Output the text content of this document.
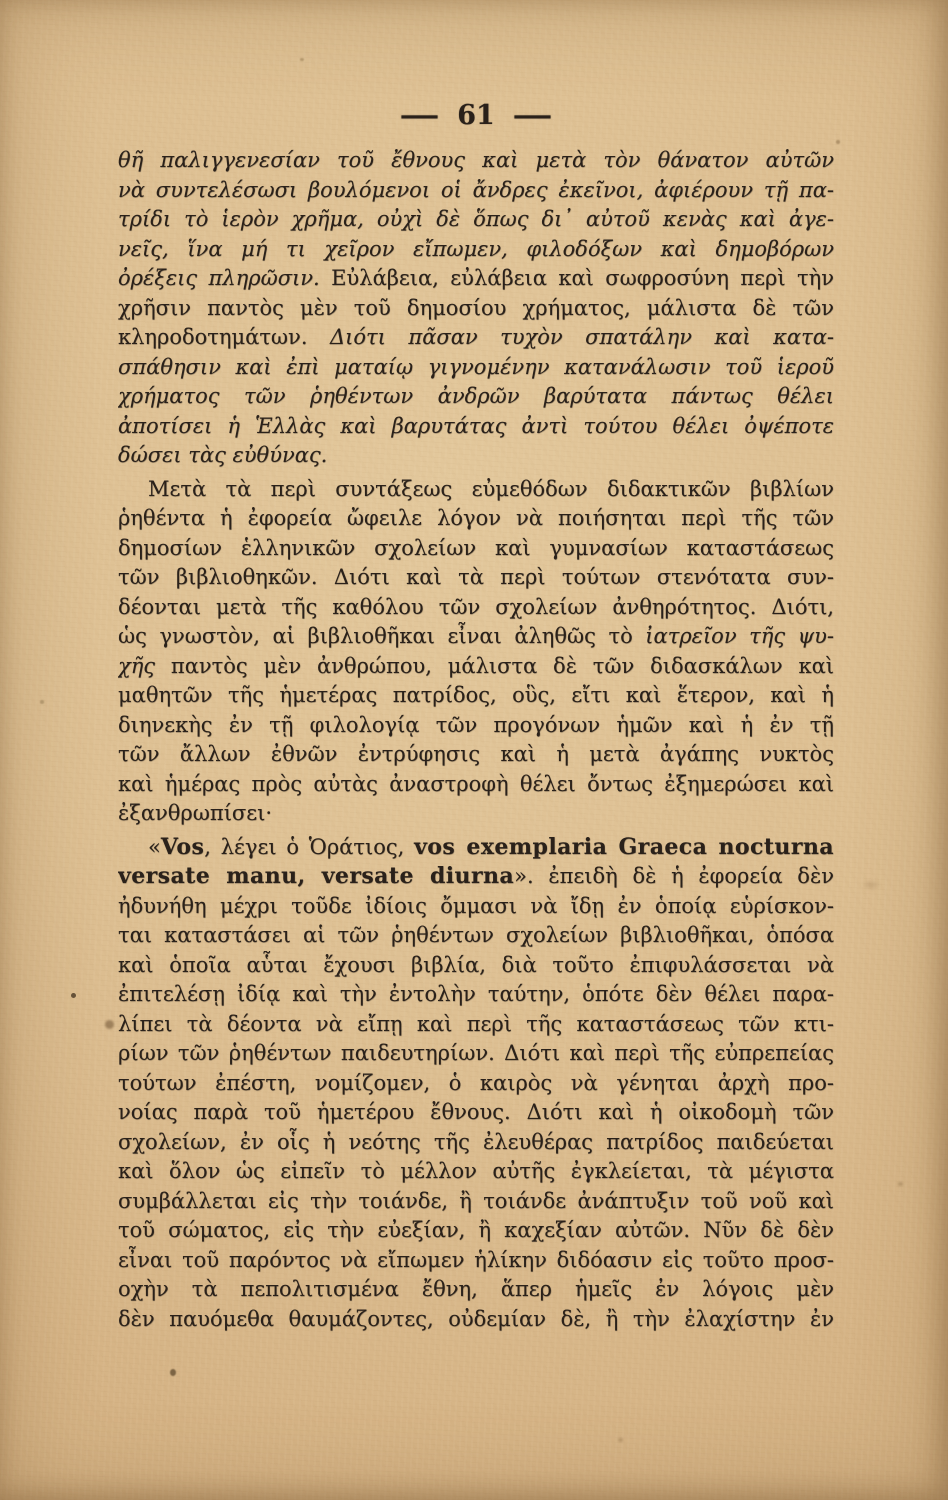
— 61 —
θῆ παλιγγενεσίαν τοῦ ἔθνους καὶ μετὰ τὸν θάνατον αὐτῶν
νὰ συντελέσωσι βουλόμενοι οἱ ἄνδρες ἐκεῖνοι, ἀφιέρουν τῇ πα-
τρίδι τὸ ἱερὸν χρῆμα, οὐχὶ δὲ ὅπως δι᾽ αὐτοῦ κενὰς καὶ ἀγε-
νεῖς, ἵνα μή τι χεῖρον εἴπωμεν, φιλοδόξων καὶ δημοβόρων
ὀρέξεις πληρῶσιν. Εὐλάβεια, εὐλάβεια καὶ σωφροσύνη περὶ τὴν
χρῆσιν παντὸς μὲν τοῦ δημοσίου χρήματος, μάλιστα δὲ τῶν
κληροδοτημάτων. Διότι πᾶσαν τυχὸν σπατάλην καὶ κατα-
σπάθησιν καὶ ἐπὶ ματαίῳ γιγνομένην κατανάλωσιν τοῦ ἱεροῦ
χρήματος τῶν ῥηθέντων ἀνδρῶν βαρύτατα πάντως θέλει
ἀποτίσει ἡ Ἑλλὰς καὶ βαρυτάτας ἀντὶ τούτου θέλει ὀψέποτε
δώσει τὰς εὐθύνας.
Μετὰ τὰ περὶ συντάξεως εὐμεθόδων διδακτικῶν βιβλίων
ῥηθέντα ἡ ἐφορεία ὤφειλε λόγον νὰ ποιήσηται περὶ τῆς τῶν
δημοσίων ἑλληνικῶν σχολείων καὶ γυμνασίων καταστάσεως
τῶν βιβλιοθηκῶν. Διότι καὶ τὰ περὶ τούτων στενότατα συν-
δέονται μετὰ τῆς καθόλου τῶν σχολείων ἀνθηρότητος. Διότι,
ὡς γνωστὸν, αἱ βιβλιοθῆκαι εἶναι ἀληθῶς τὸ ἰατρεῖον τῆς ψυ-
χῆς παντὸς μὲν ἀνθρώπου, μάλιστα δὲ τῶν διδασκάλων καὶ
μαθητῶν τῆς ἡμετέρας πατρίδος, οὓς, εἴτι καὶ ἕτερον, καὶ ἡ
διηνεκὴς ἐν τῇ φιλολογίᾳ τῶν προγόνων ἡμῶν καὶ ἡ ἐν τῇ
τῶν ἄλλων ἐθνῶν ἐντρύφησις καὶ ἡ μετὰ ἀγάπης νυκτὸς
καὶ ἡμέρας πρὸς αὐτὰς ἀναστροφὴ θέλει ὄντως ἐξημερώσει καὶ
ἐξανθρωπίσει·
«Vos, λέγει ὁ Ὁράτιος, vos exemplaria Graeca nocturna
versate manu, versate diurna». ἐπειδὴ δὲ ἡ ἐφορεία δὲν
ἠδυνήθη μέχρι τοῦδε ἰδίοις ὄμμασι νὰ ἴδῃ ἐν ὁποίᾳ εὑρίσκον-
ται καταστάσει αἱ τῶν ῥηθέντων σχολείων βιβλιοθῆκαι, ὁπόσα
καὶ ὁποῖα αὗται ἔχουσι βιβλία, διὰ τοῦτο ἐπιφυλάσσεται νὰ
ἐπιτελέσῃ ἰδίᾳ καὶ τὴν ἐντολὴν ταύτην, ὁπότε δὲν θέλει παρα-
λίπει τὰ δέοντα νὰ εἴπῃ καὶ περὶ τῆς καταστάσεως τῶν κτι-
ρίων τῶν ῥηθέντων παιδευτηρίων. Διότι καὶ περὶ τῆς εὐπρεπείας
τούτων ἐπέστη, νομίζομεν, ὁ καιρὸς νὰ γένηται ἀρχὴ προ-
νοίας παρὰ τοῦ ἡμετέρου ἔθνους. Διότι καὶ ἡ οἰκοδομὴ τῶν
σχολείων, ἐν οἷς ἡ νεότης τῆς ἐλευθέρας πατρίδος παιδεύεται
καὶ ὅλον ὡς εἰπεῖν τὸ μέλλον αὐτῆς ἐγκλείεται, τὰ μέγιστα
συμβάλλεται εἰς τὴν τοιάνδε, ἢ τοιάνδε ἀνάπτυξιν τοῦ νοῦ καὶ
τοῦ σώματος, εἰς τὴν εὐεξίαν, ἢ καχεξίαν αὐτῶν. Νῦν δὲ δὲν
εἶναι τοῦ παρόντος νὰ εἴπωμεν ἡλίκην διδόασιν εἰς τοῦτο προσ-
οχὴν τὰ πεπολιτισμένα ἔθνη, ἅπερ ἡμεῖς ἐν λόγοις μὲν
δὲν παυόμεθα θαυμάζοντες, οὐδεμίαν δὲ, ἢ τὴν ἐλαχίστην ἐν
